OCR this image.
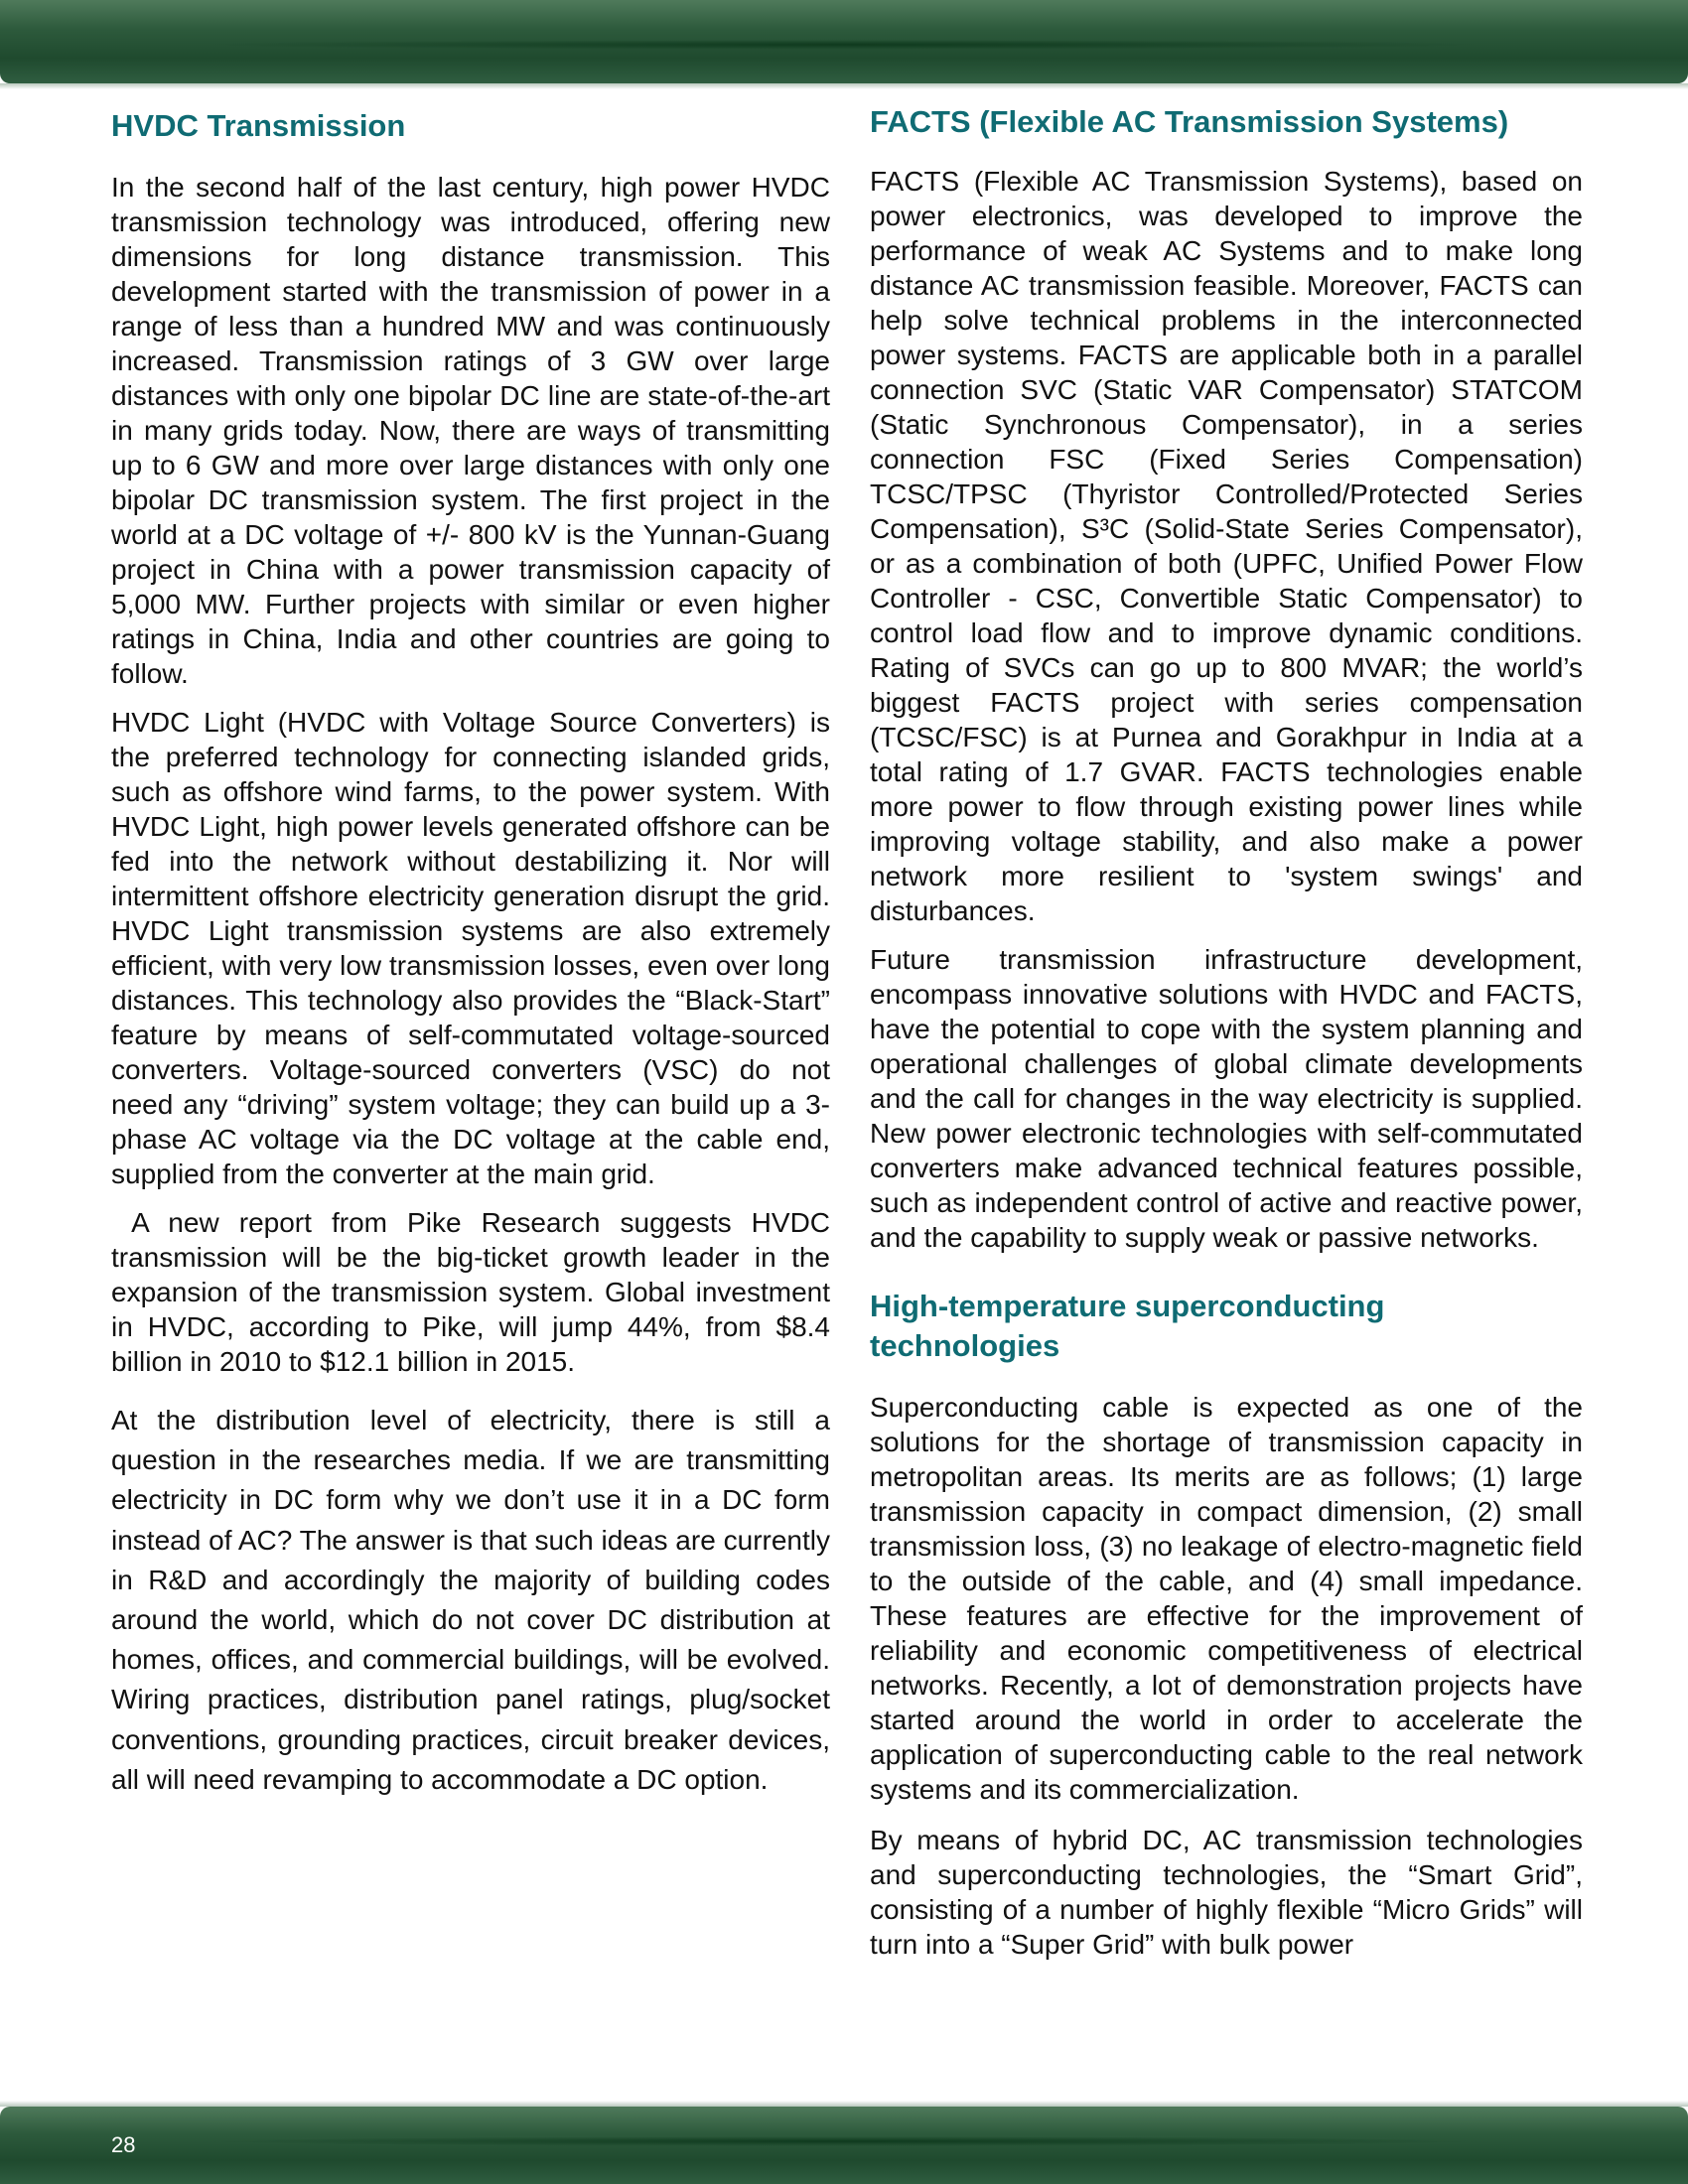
HVDC Transmission

In the second half of the last century, high power HVDC transmission technology was introduced, offering new dimensions for long distance transmission. This development started with the transmission of power in a range of less than a hundred MW and was continuously increased. Transmission ratings of 3 GW over large distances with only one bipolar DC line are state-of-the-art in many grids today. Now, there are ways of transmitting up to 6 GW and more over large distances with only one bipolar DC transmission system. The first project in the world at a DC voltage of +/- 800 kV is the Yunnan-Guang project in China with a power transmission capacity of 5,000 MW. Further projects with similar or even higher ratings in China, India and other countries are going to follow.

HVDC Light (HVDC with Voltage Source Converters) is the preferred technology for connecting islanded grids, such as offshore wind farms, to the power system. With HVDC Light, high power levels generated offshore can be fed into the network without destabilizing it. Nor will intermittent offshore electricity generation disrupt the grid. HVDC Light transmission systems are also extremely efficient, with very low transmission losses, even over long distances. This technology also provides the “Black-Start” feature by means of self-commutated voltage-sourced converters. Voltage-sourced converters (VSC) do not need any “driving” system voltage; they can build up a 3-phase AC voltage via the DC voltage at the cable end, supplied from the converter at the main grid.

A new report from Pike Research suggests HVDC transmission will be the big-ticket growth leader in the expansion of the transmission system. Global investment in HVDC, according to Pike, will jump 44%, from $8.4 billion in 2010 to $12.1 billion in 2015.

At the distribution level of electricity, there is still a question in the researches media. If we are transmitting electricity in DC form why we don’t use it in a DC form instead of AC? The answer is that such ideas are currently in R&D and accordingly the majority of building codes around the world, which do not cover DC distribution at homes, offices, and commercial buildings, will be evolved. Wiring practices, distribution panel ratings, plug/socket conventions, grounding practices, circuit breaker devices, all will need revamping to accommodate a DC option.

FACTS (Flexible AC Transmission Systems)

FACTS (Flexible AC Transmission Systems), based on power electronics, was developed to improve the performance of weak AC Systems and to make long distance AC transmission feasible. Moreover, FACTS can help solve technical problems in the interconnected power systems. FACTS are applicable both in a parallel connection SVC (Static VAR Compensator) STATCOM (Static Synchronous Compensator), in a series connection FSC (Fixed Series Compensation) TCSC/TPSC (Thyristor Controlled/Protected Series Compensation), S³C (Solid-State Series Compensator), or as a combination of both (UPFC, Unified Power Flow Controller - CSC, Convertible Static Compensator) to control load flow and to improve dynamic conditions. Rating of SVCs can go up to 800 MVAR; the world’s biggest FACTS project with series compensation (TCSC/FSC) is at Purnea and Gorakhpur in India at a total rating of 1.7 GVAR. FACTS technologies enable more power to flow through existing power lines while improving voltage stability, and also make a power network more resilient to 'system swings' and disturbances.

Future transmission infrastructure development, encompass innovative solutions with HVDC and FACTS, have the potential to cope with the system planning and operational challenges of global climate developments and the call for changes in the way electricity is supplied. New power electronic technologies with self-commutated converters make advanced technical features possible, such as independent control of active and reactive power, and the capability to supply weak or passive networks.

High-temperature superconducting technologies

Superconducting cable is expected as one of the solutions for the shortage of transmission capacity in metropolitan areas. Its merits are as follows; (1) large transmission capacity in compact dimension, (2) small transmission loss, (3) no leakage of electro-magnetic field to the outside of the cable, and (4) small impedance. These features are effective for the improvement of reliability and economic competitiveness of electrical networks. Recently, a lot of demonstration projects have started around the world in order to accelerate the application of superconducting cable to the real network systems and its commercialization.

By means of hybrid DC, AC transmission technologies and superconducting technologies, the “Smart Grid”, consisting of a number of highly flexible “Micro Grids” will turn into a “Super Grid” with bulk power

28
